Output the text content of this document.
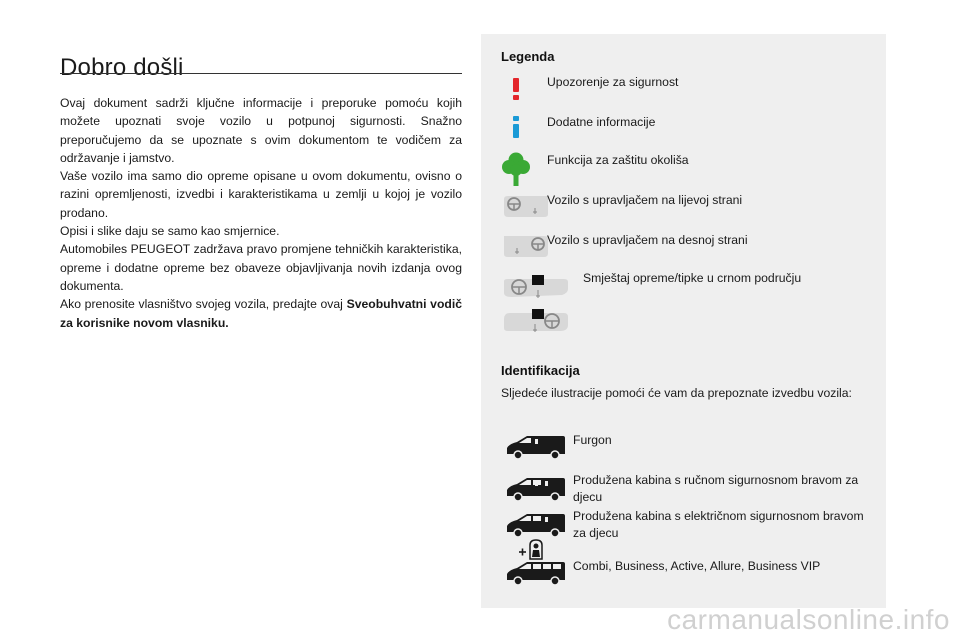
Dobro došli

Ovaj dokument sadrži ključne informacije i preporuke pomoću kojih možete upoznati svoje vozilo u potpunoj sigurnosti. Snažno preporučujemo da se upoznate s ovim dokumentom te vodičem za održavanje i jamstvo.

Vaše vozilo ima samo dio opreme opisane u ovom dokumentu, ovisno o razini opremljenosti, izvedbi i karakteristikama u zemlji u kojoj je vozilo prodano.

Opisi i slike daju se samo kao smjernice.

Automobiles PEUGEOT zadržava pravo promjene tehničkih karakteristika, opreme i dodatne opreme bez obaveze objavljivanja novih izdanja ovog dokumenta.

Ako prenosite vlasništvo svojeg vozila, predajte ovaj Sveobuhvatni vodič za korisnike novom vlasniku.

Legenda
Upozorenje za sigurnost
Dodatne informacije
Funkcija za zaštitu okoliša
Vozilo s upravljačem na lijevoj strani
Vozilo s upravljačem na desnoj strani
Smještaj opreme/tipke u crnom području
Identifikacija
Sljedeće ilustracije pomoći će vam da prepoznate izvedbu vozila:
Furgon
Produžena kabina s ručnom sigurnosnom bravom za djecu
Produžena kabina s električnom sigurnosnom bravom za djecu
Combi, Business, Active, Allure, Business VIP
carmanualsonline.info
